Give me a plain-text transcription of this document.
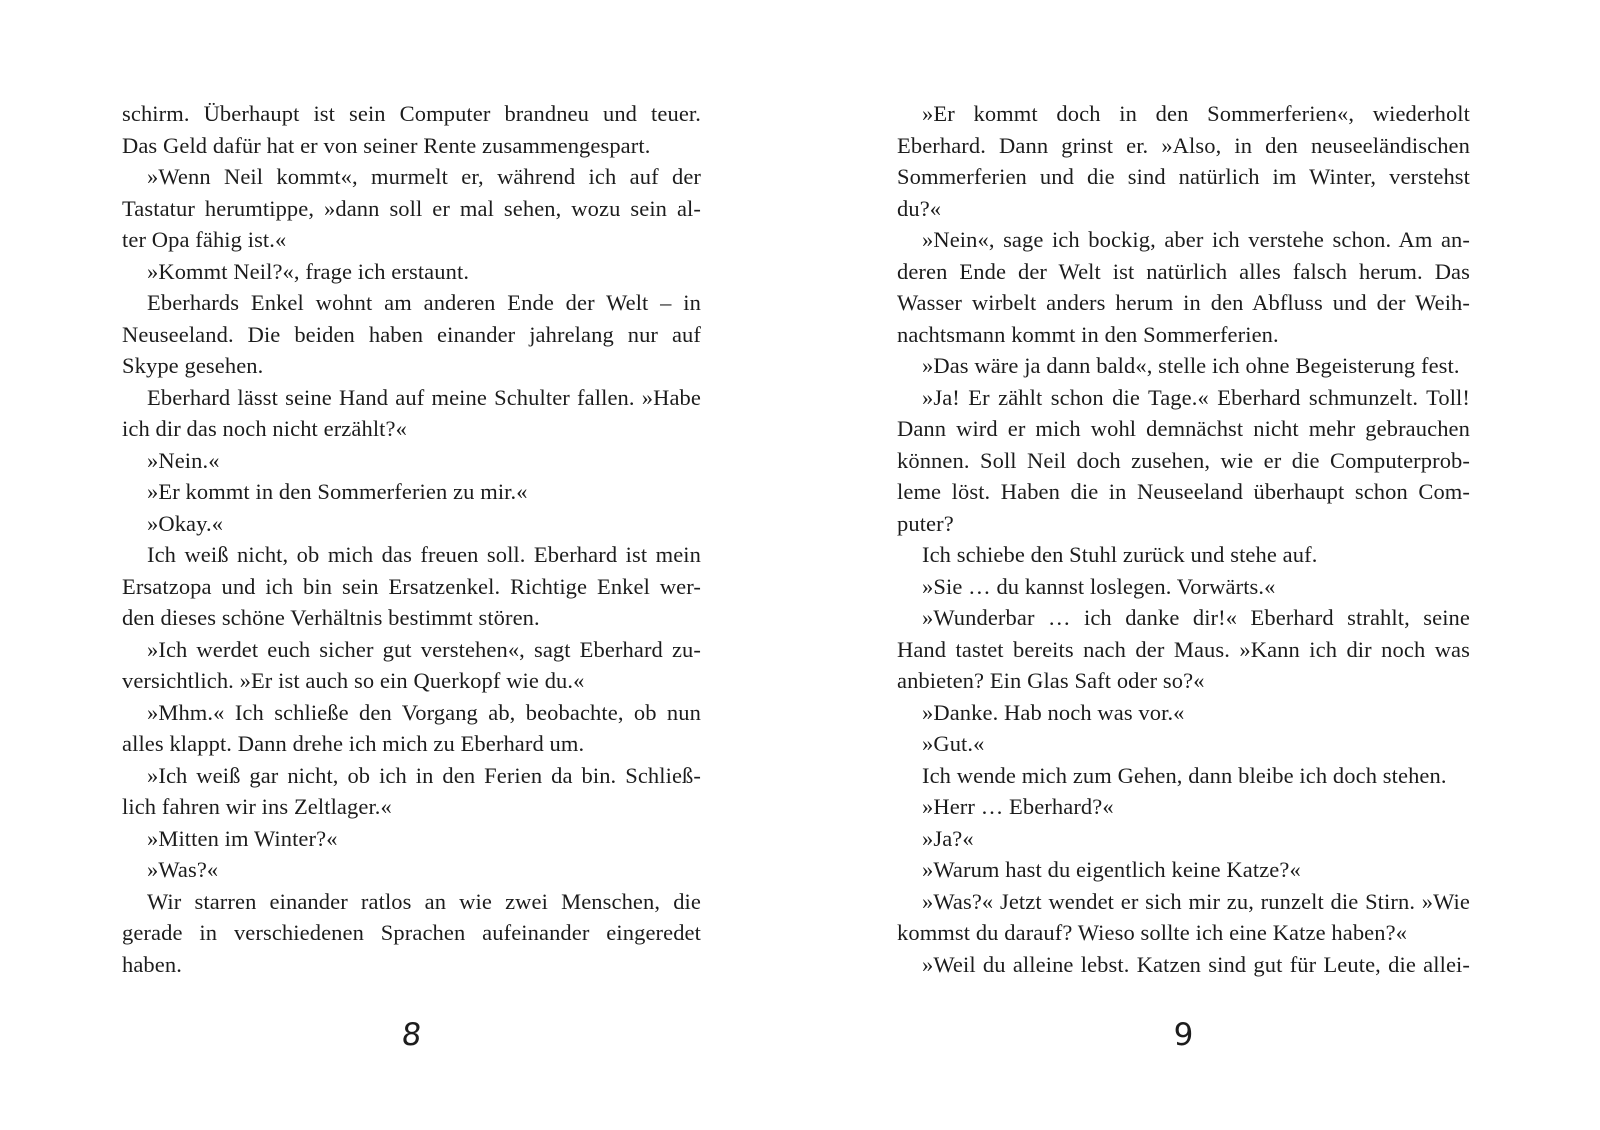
schirm. Überhaupt ist sein Computer brandneu und teuer.
Das Geld dafür hat er von seiner Rente zusammengespart.
»Wenn Neil kommt«, murmelt er, während ich auf der
Tastatur herumtippe, »dann soll er mal sehen, wozu sein al-
ter Opa fähig ist.«
»Kommt Neil?«, frage ich erstaunt.
Eberhards Enkel wohnt am anderen Ende der Welt – in
Neuseeland. Die beiden haben einander jahrelang nur auf
Skype gesehen.
Eberhard lässt seine Hand auf meine Schulter fallen. »Habe
ich dir das noch nicht erzählt?«
»Nein.«
»Er kommt in den Sommerferien zu mir.«
»Okay.«
Ich weiß nicht, ob mich das freuen soll. Eberhard ist mein
Ersatzopa und ich bin sein Ersatzenkel. Richtige Enkel wer-
den dieses schöne Verhältnis bestimmt stören.
»Ich werdet euch sicher gut verstehen«, sagt Eberhard zu-
versichtlich. »Er ist auch so ein Querkopf wie du.«
»Mhm.« Ich schließe den Vorgang ab, beobachte, ob nun
alles klappt. Dann drehe ich mich zu Eberhard um.
»Ich weiß gar nicht, ob ich in den Ferien da bin. Schließ-
lich fahren wir ins Zeltlager.«
»Mitten im Winter?«
»Was?«
Wir starren einander ratlos an wie zwei Menschen, die
gerade in verschiedenen Sprachen aufeinander eingeredet
haben.
8
»Er kommt doch in den Sommerferien«, wiederholt
Eberhard. Dann grinst er. »Also, in den neuseeländischen
Sommerferien und die sind natürlich im Winter, verstehst
du?«
»Nein«, sage ich bockig, aber ich verstehe schon. Am an-
deren Ende der Welt ist natürlich alles falsch herum. Das
Wasser wirbelt anders herum in den Abfluss und der Weih-
nachtsmann kommt in den Sommerferien.
»Das wäre ja dann bald«, stelle ich ohne Begeisterung fest.
»Ja! Er zählt schon die Tage.« Eberhard schmunzelt. Toll!
Dann wird er mich wohl demnächst nicht mehr gebrauchen
können. Soll Neil doch zusehen, wie er die Computerprob-
leme löst. Haben die in Neuseeland überhaupt schon Com-
puter?
Ich schiebe den Stuhl zurück und stehe auf.
»Sie … du kannst loslegen. Vorwärts.«
»Wunderbar … ich danke dir!« Eberhard strahlt, seine
Hand tastet bereits nach der Maus. »Kann ich dir noch was
anbieten? Ein Glas Saft oder so?«
»Danke. Hab noch was vor.«
»Gut.«
Ich wende mich zum Gehen, dann bleibe ich doch stehen.
»Herr … Eberhard?«
»Ja?«
»Warum hast du eigentlich keine Katze?«
»Was?« Jetzt wendet er sich mir zu, runzelt die Stirn. »Wie
kommst du darauf? Wieso sollte ich eine Katze haben?«
»Weil du alleine lebst. Katzen sind gut für Leute, die allei-
9
